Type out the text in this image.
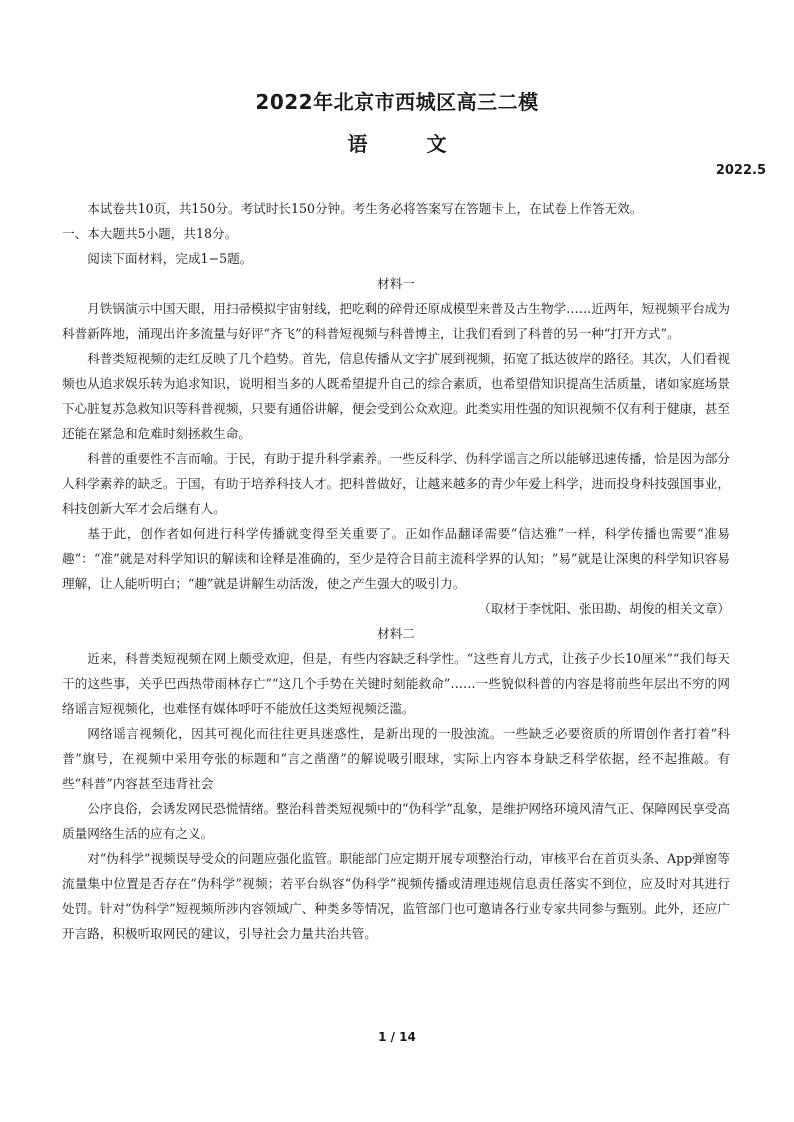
2022年北京市西城区高三二模
语 文
2022.5

本试卷共10页，共150分。考试时长150分钟。考生务必将答案写在答题卡上，在试卷上作答无效。

一、本大题共5小题，共18分。

阅读下面材料，完成1−5题。

材料一

月铁锅演示中国天眼，用扫帚模拟宇宙射线，把吃剩的碎骨还原成模型来普及古生物学……近两年，短视频平台成为科普新阵地，涌现出许多流量与好评“齐飞”的科普短视频与科普博主，让我们看到了科普的另一种“打开方式”。

科普类短视频的走红反映了几个趋势。首先，信息传播从文字扩展到视频，拓宽了抵达彼岸的路径。其次，人们看视频也从追求娱乐转为追求知识，说明相当多的人既希望提升自己的综合素质，也希望借知识提高生活质量，诸如家庭场景下心脏复苏急救知识等科普视频，只要有通俗讲解，便会受到公众欢迎。此类实用性强的知识视频不仅有利于健康，甚至还能在紧急和危难时刻拯救生命。

科普的重要性不言而喻。于民，有助于提升科学素养。一些反科学、伪科学谣言之所以能够迅速传播，恰是因为部分人科学素养的缺乏。于国，有助于培养科技人才。把科普做好，让越来越多的青少年爱上科学，进而投身科技强国事业，科技创新大军才会后继有人。

基于此，创作者如何进行科学传播就变得至关重要了。正如作品翻译需要“信达雅”一样，科学传播也需要“准易趣”：“准”就是对科学知识的解读和诠释是准确的，至少是符合目前主流科学界的认知；“易”就是让深奥的科学知识容易理解，让人能听明白；“趣”就是讲解生动活泼，使之产生强大的吸引力。

（取材于李忱阳、张田勘、胡俊的相关文章）

材料二

近来，科普类短视频在网上颇受欢迎，但是，有些内容缺乏科学性。“这些育儿方式，让孩子少长10厘米”“我们每天干的这些事，关乎巴西热带雨林存亡”“这几个手势在关键时刻能救命”……一些貌似科普的内容是将前些年层出不穷的网络谣言短视频化，也难怪有媒体呼吁不能放任这类短视频泛滥。

网络谣言视频化，因其可视化而往往更具迷惑性，是新出现的一股浊流。一些缺乏必要资质的所谓创作者打着“科普”旗号，在视频中采用夸张的标题和“言之凿凿”的解说吸引眼球，实际上内容本身缺乏科学依据，经不起推敲。有些“科普”内容甚至违背社会

公序良俗，会诱发网民恐慌情绪。整治科普类短视频中的“伪科学”乱象，是维护网络环境风清气正、保障网民享受高质量网络生活的应有之义。

对“伪科学”视频误导受众的问题应强化监管。职能部门应定期开展专项整治行动，审核平台在首页头条、App弹窗等流量集中位置是否存在“伪科学”视频；若平台纵容“伪科学”视频传播或清理违规信息责任落实不到位，应及时对其进行处罚。针对“伪科学”短视频所涉内容领域广、种类多等情况，监管部门也可邀请各行业专家共同参与甄别。此外，还应广开言路，积极听取网民的建议，引导社会力量共治共管。

1 / 14
